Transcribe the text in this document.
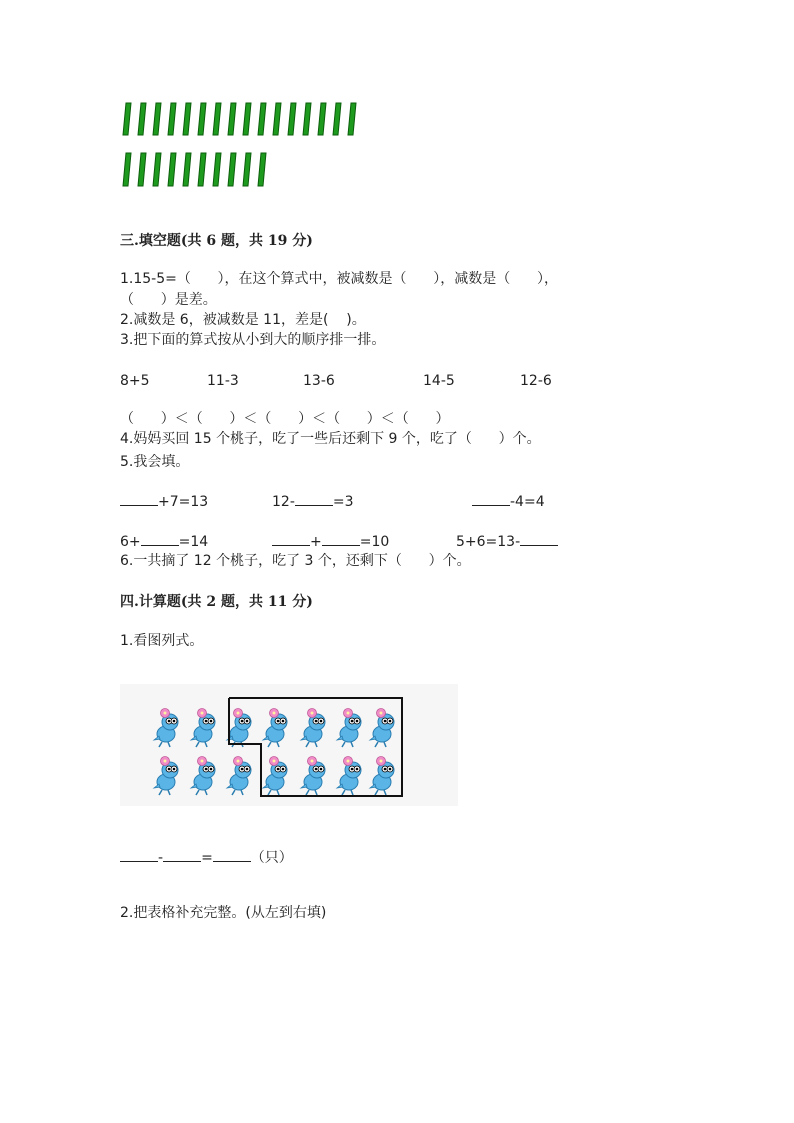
三.填空题(共 6 题，共 19 分)
1.15-5=（      ），在这个算式中，被减数是（      ），减数是（      ），
（      ）是差。
2.减数是 6，被减数是 11，差是(    )。
3.把下面的算式按从小到大的顺序排一排。
8+5	11-3	13-6	14-5	12-6
（      ）＜（      ）＜（      ）＜（      ）＜（      ）
4.妈妈买回 15 个桃子，吃了一些后还剩下 9 个，吃了（      ）个。
5.我会填。
+7=13	12-	=3	-4=4
6+	=14	+	=10	5+6=13-
6.一共摘了 12 个桃子，吃了 3 个，还剩下（      ）个。
四.计算题(共 2 题，共 11 分)
1.看图列式。
-	=	（只）
2.把表格补充完整。(从左到右填)
